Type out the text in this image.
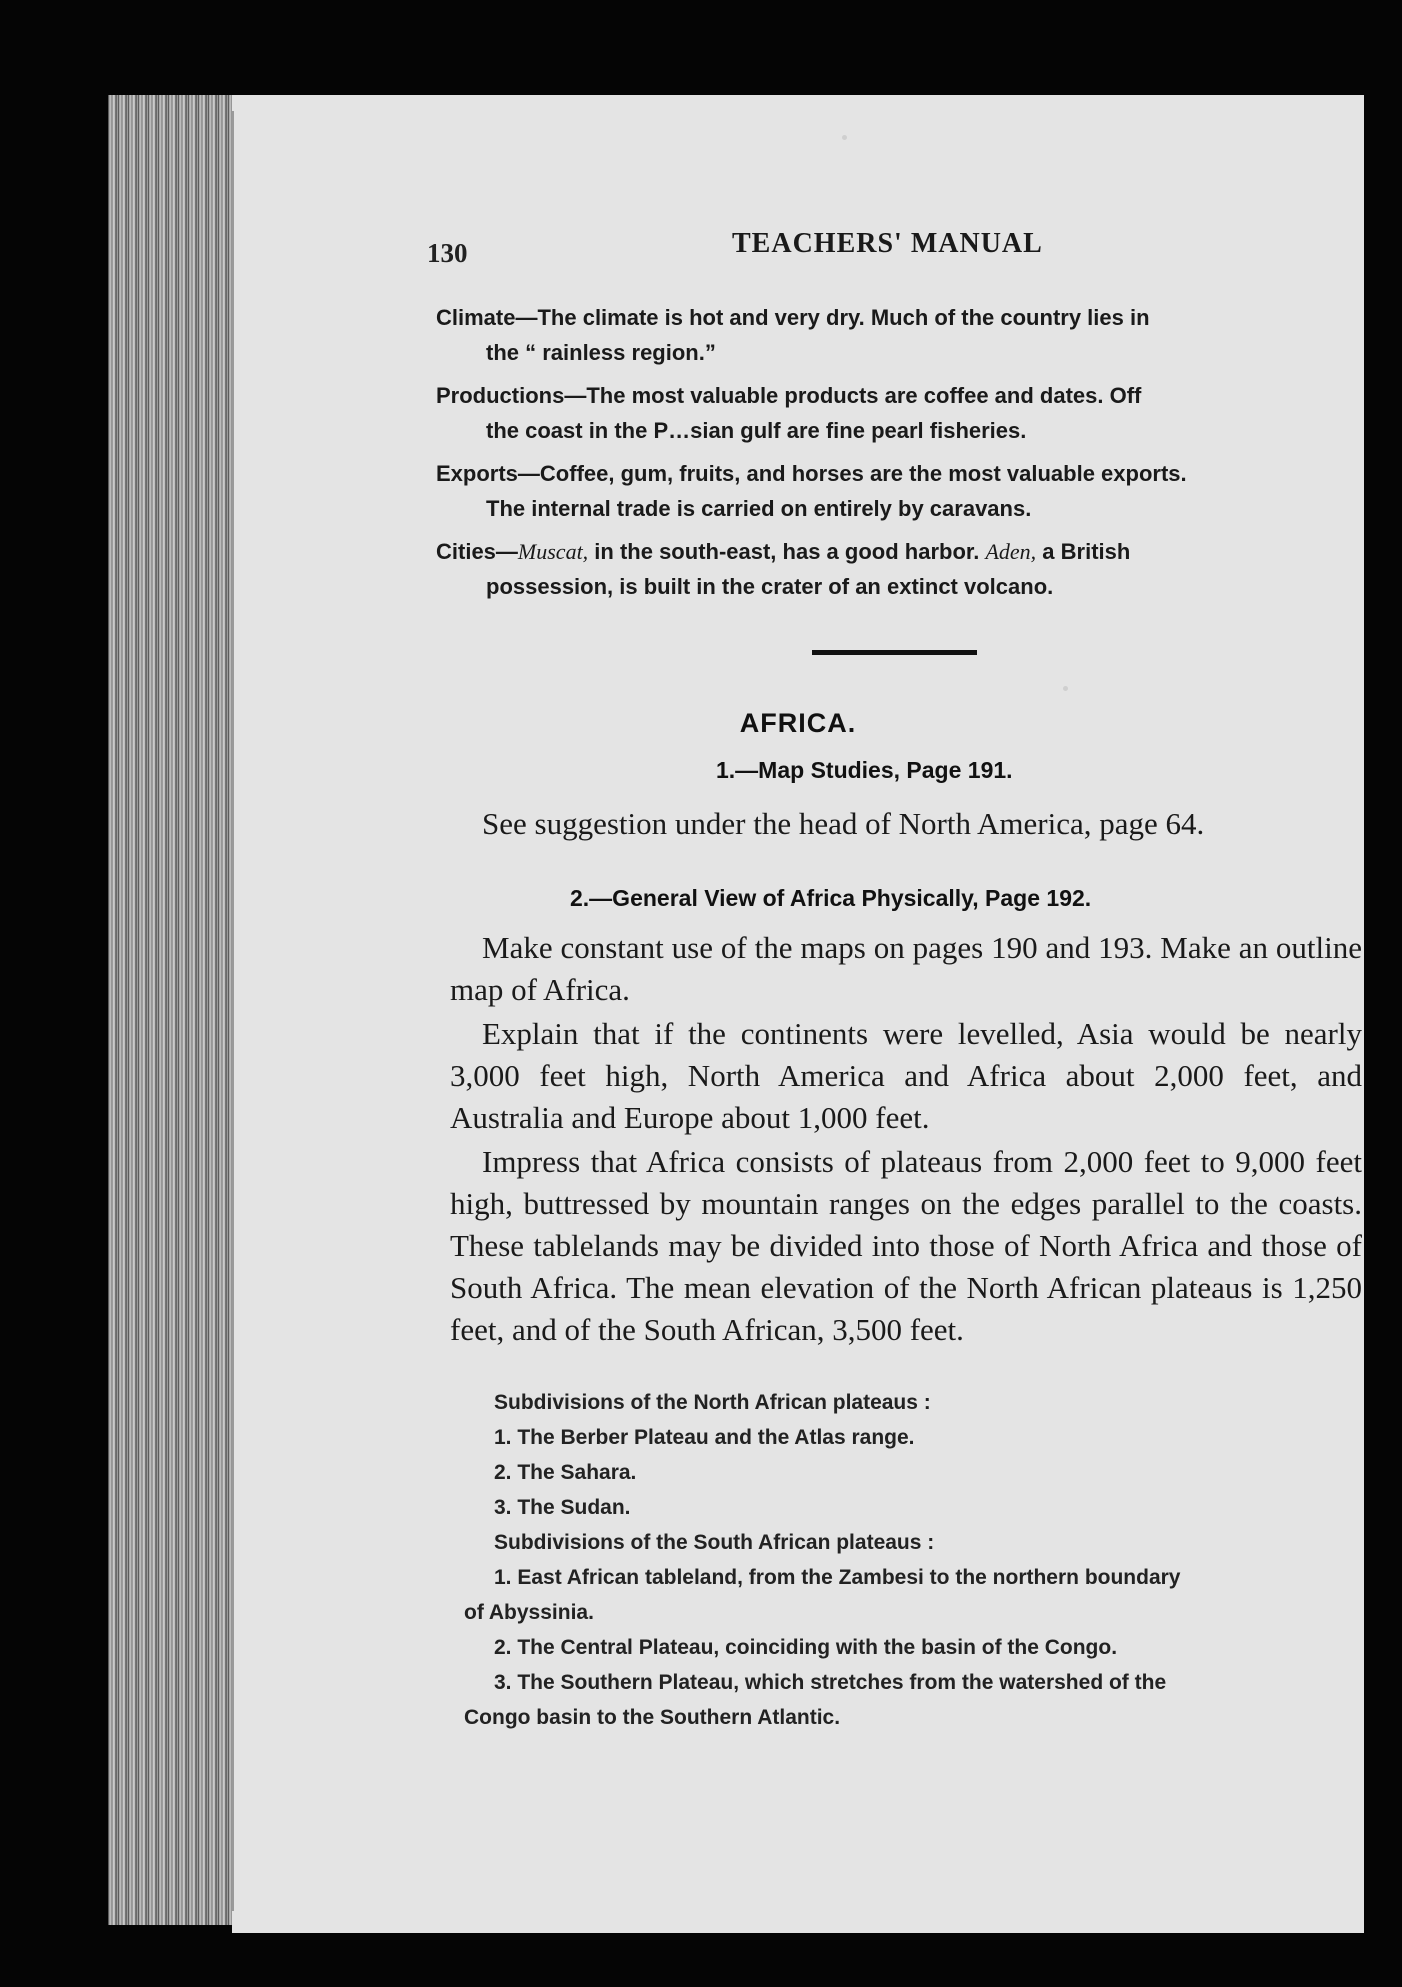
130	TEACHERS' MANUAL
Climate—The climate is hot and very dry. Much of the country lies in
the “ rainless region.”
Productions—The most valuable products are coffee and dates. Off
the coast in the P…sian gulf are fine pearl fisheries.
Exports—Coffee, gum, fruits, and horses are the most valuable exports.
The internal trade is carried on entirely by caravans.
Cities—Muscat, in the south-east, has a good harbor. Aden, a British
possession, is built in the crater of an extinct volcano.
AFRICA.
1.—Map Studies, Page 191.
See suggestion under the head of North America, page 64.
2.—General View of Africa Physically, Page 192.
Make constant use of the maps on pages 190 and 193. Make an outline map of Africa.
Explain that if the continents were levelled, Asia would be nearly 3,000 feet high, North America and Africa about 2,000 feet, and Australia and Europe about 1,000 feet.
Impress that Africa consists of plateaus from 2,000 feet to 9,000 feet high, buttressed by mountain ranges on the edges parallel to the coasts. These tablelands may be divided into those of North Africa and those of South Africa. The mean elevation of the North African plateaus is 1,250 feet, and of the South African, 3,500 feet.
Subdivisions of the North African plateaus :
1. The Berber Plateau and the Atlas range.
2. The Sahara.
3. The Sudan.
Subdivisions of the South African plateaus :
1. East African tableland, from the Zambesi to the northern boundary
of Abyssinia.
2. The Central Plateau, coinciding with the basin of the Congo.
3. The Southern Plateau, which stretches from the watershed of the
Congo basin to the Southern Atlantic.
